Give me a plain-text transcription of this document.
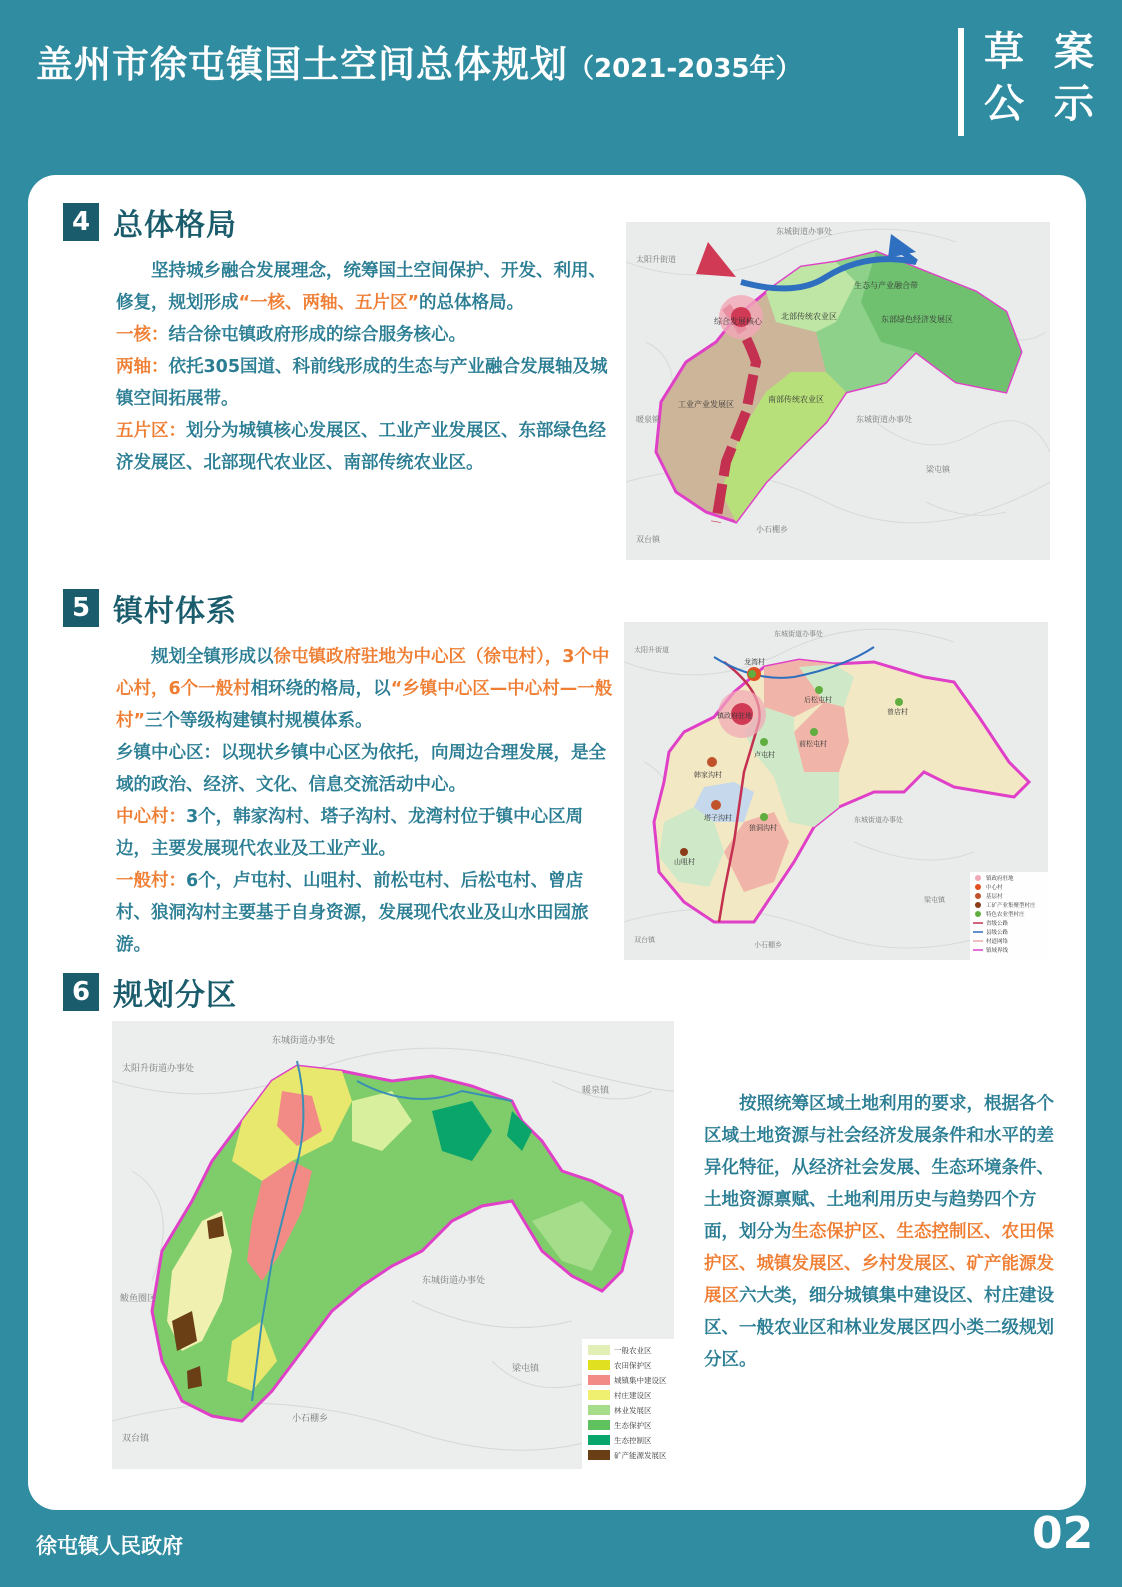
盖州市徐屯镇国土空间总体规划（2021-2035年）	草 案
公 示
4 总体格局

坚持城乡融合发展理念，统筹国土空间保护、开发、利用、修复，规划形成“一核、两轴、五片区”的总体格局。

一核：结合徐屯镇政府形成的综合服务核心。

两轴：依托305国道、科前线形成的生态与产业融合发展轴及城镇空间拓展带。

五片区：划分为城镇核心发展区、工业产业发展区、东部绿色经济发展区、北部现代农业区、南部传统农业区。

综合发展核心
北部传统农业区	东部绿色经济发展区
工业产业发展区
南部传统农业区
生态与产业融合带
东城街道办事处
太阳升街道
东城街道办事处
梁屯镇
双台镇
小石棚乡
暖泉镇
5 镇村体系

规划全镇形成以徐屯镇政府驻地为中心区（徐屯村），3个中心村，6个一般村相环绕的格局，以“乡镇中心区—中心村—一般村”三个等级构建镇村规模体系。

乡镇中心区：以现状乡镇中心区为依托，向周边合理发展，是全域的政治、经济、文化、信息交流活动中心。

中心村：3个，韩家沟村、塔子沟村、龙湾村位于镇中心区周边，主要发展现代农业及工业产业。

一般村：6个，卢屯村、山咀村、前松屯村、后松屯村、曾店村、狼洞沟村主要基于自身资源，发展现代农业及山水田园旅游。

镇政府驻地
龙湾村
后松屯村
前松屯村
曾店村
卢屯村
韩家沟村
塔子沟村
山咀村
狼洞沟村
东城街道办事处
太阳升街道
东城街道办事处
梁屯镇
双台镇
小石棚乡
镇政府驻地
中心村
基层村
工矿产业集聚型村庄
特色农业型村庄
省级公路
县级公路
村道网络
镇域界线
6 规划分区
东城街道办事处
太阳升街道办事处
东城街道办事处
暖泉镇
梁屯镇
鲅鱼圈区
双台镇
小石棚乡
一般农业区
农田保护区
城镇集中建设区
村庄建设区
林业发展区
生态保护区
生态控制区
矿产能源发展区

按照统筹区域土地利用的要求，根据各个区域土地资源与社会经济发展条件和水平的差异化特征，从经济社会发展、生态环境条件、土地资源禀赋、土地利用历史与趋势四个方面，划分为生态保护区、生态控制区、农田保护区、城镇发展区、乡村发展区、矿产能源发展区六大类，细分城镇集中建设区、村庄建设区、一般农业区和林业发展区四小类二级规划分区。

徐屯镇人民政府	02
